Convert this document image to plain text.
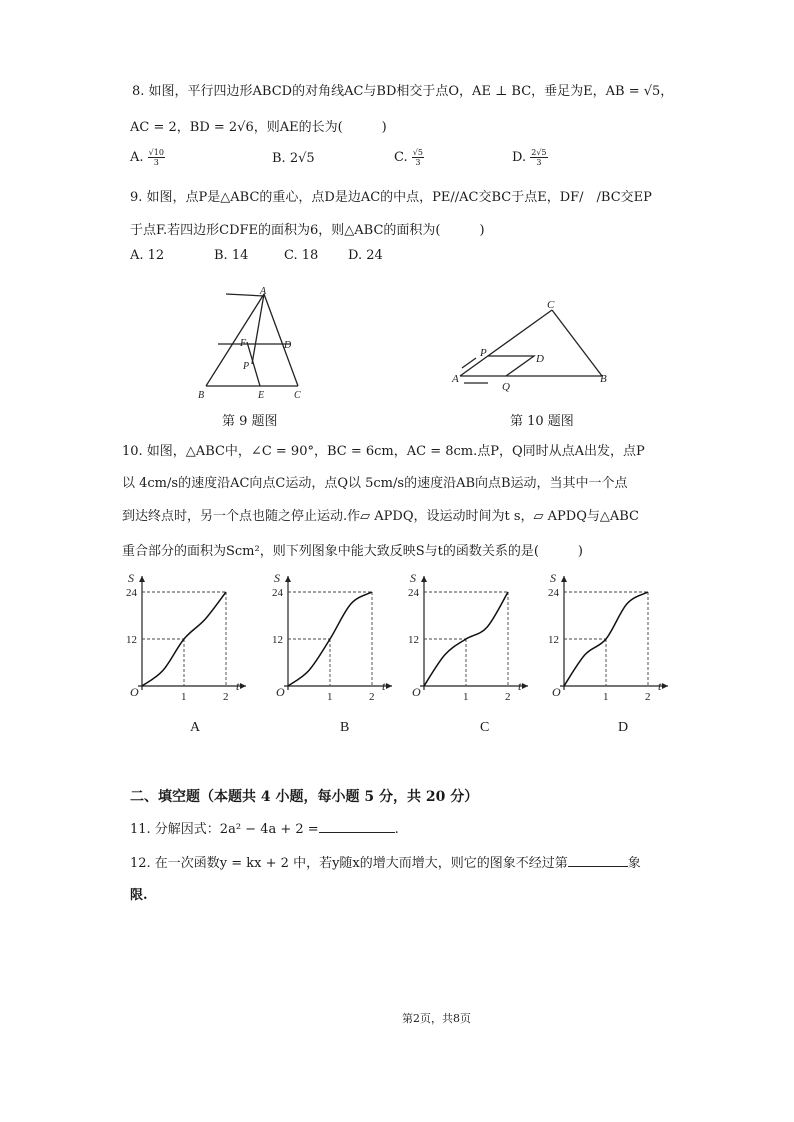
8. 如图，平行四边形ABCD的对角线AC与BD相交于点O，AE ⊥ BC，垂足为E，AB = √5，
AC = 2，BD = 2√6，则AE的长为(　　　)
A. $\frac{√10}{3}$	B. 2√5	C. $\frac{√5}{3}$	D. $\frac{2√5}{3}$
9. 如图，点P是△ABC的重心，点D是边AC的中点，PE//AC交BC于点E，DF/　/BC交EP
于点F.若四边形CDFE的面积为6，则△ABC的面积为(　　　)
A. 12	B. 14	C. 18 D. 24
A
F	D
P
B	E	C
第 9 题图
C
P	D
A
Q
B
第 10 题图
10. 如图，△ABC中，∠C = 90°，BC = 6cm，AC = 8cm.点P，Q同时从点A出发，点P
以 4cm/s的速度沿AC向点C运动，点Q以 5cm/s的速度沿AB向点B运动，当其中一个点
到达终点时，另一个点也随之停止运动.作▱ APDQ，设运动时间为t s，▱ APDQ与△ABC
重合部分的面积为Scm²，则下列图象中能大致反映S与t的函数关系的是(　　　)
S
t
O
24
12
1	2
S
t
O
24
12
1	2
S
t
O
24
12
1	2
S
t
O
24
12
1	2
A	B	C	D
二、填空题（本题共 4 小题，每小题 5 分，共 20 分）
11. 分解因式：2a² − 4a + 2 =	.
12. 在一次函数y = kx + 2 中，若y随x的增大而增大，则它的图象不经过第	象
限.
第2页，共8页
